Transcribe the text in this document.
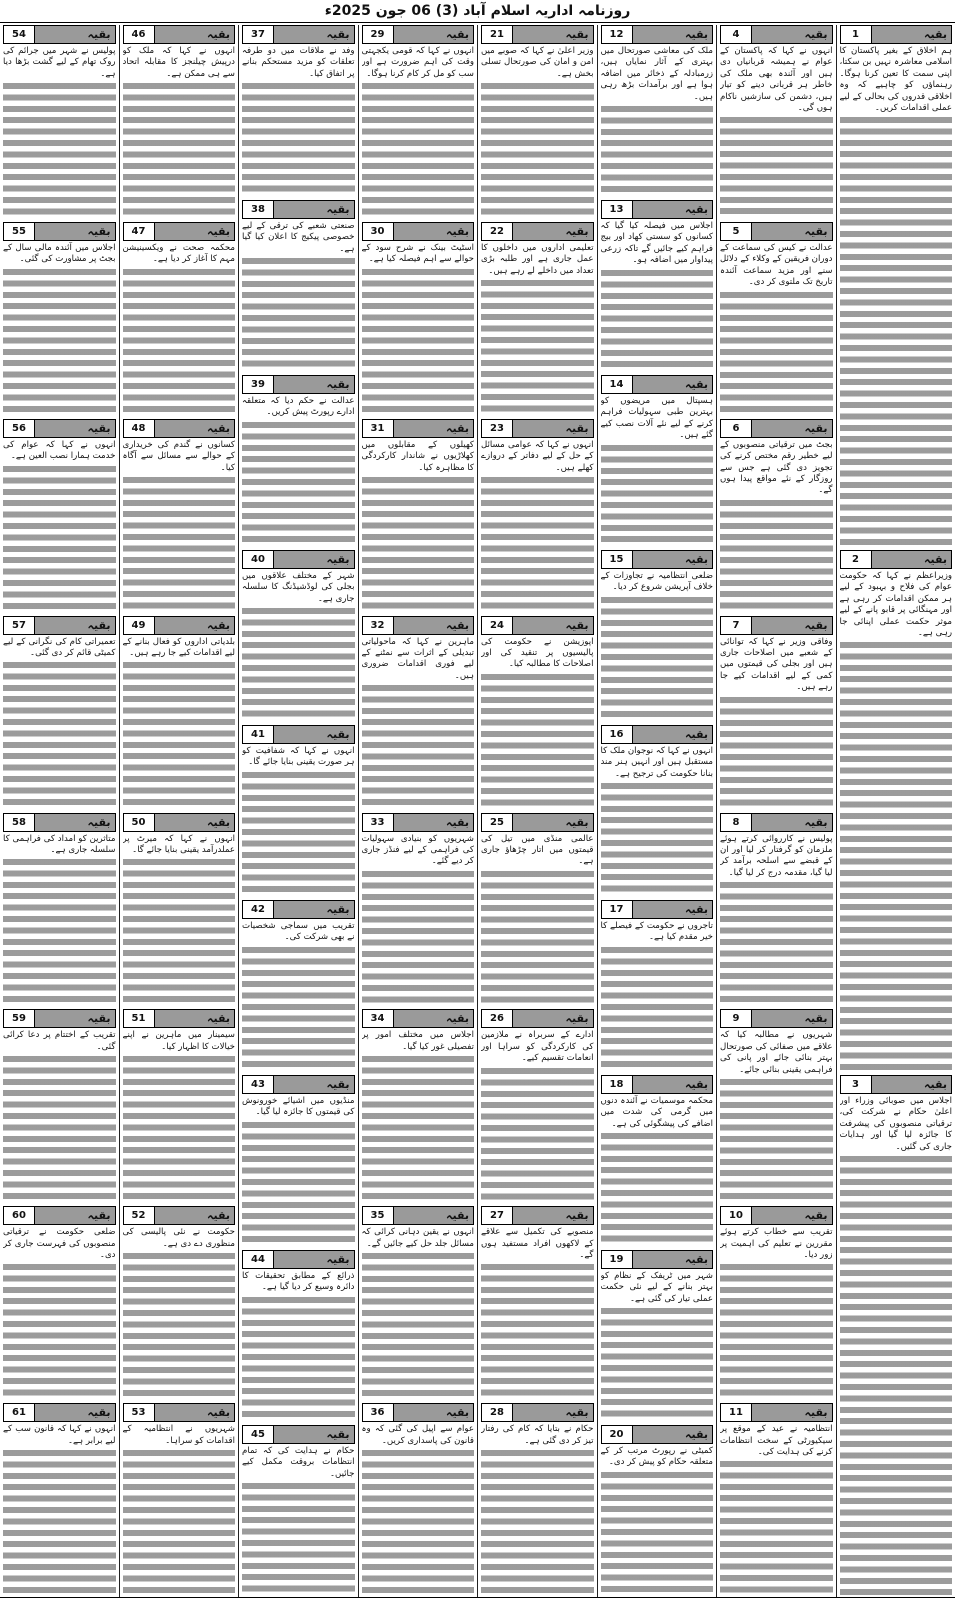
روزنامہ اداریہ اسلام آباد (3) 06 جون 2025ء
1	بقیہ
ہم اخلاق کے بغیر پاکستان کا اسلامی معاشرہ نہیں بن سکتا، اپنی سمت کا تعین کرنا ہوگا۔ رہنماؤں کو چاہیے کہ وہ اخلاقی قدروں کی بحالی کے لیے عملی اقدامات کریں۔
2	بقیہ
وزیراعظم نے کہا کہ حکومت عوام کی فلاح و بہبود کے لیے ہر ممکن اقدامات کر رہی ہے اور مہنگائی پر قابو پانے کے لیے موثر حکمت عملی اپنائی جا رہی ہے۔
3	بقیہ
اجلاس میں صوبائی وزراء اور اعلیٰ حکام نے شرکت کی، ترقیاتی منصوبوں کی پیشرفت کا جائزہ لیا گیا اور ہدایات جاری کی گئیں۔
4	بقیہ
انہوں نے کہا کہ پاکستان کے عوام نے ہمیشہ قربانیاں دی ہیں اور آئندہ بھی ملک کی خاطر ہر قربانی دینے کو تیار ہیں، دشمن کی سازشیں ناکام ہوں گی۔
5	بقیہ
عدالت نے کیس کی سماعت کے دوران فریقین کے وکلاء کے دلائل سنے اور مزید سماعت آئندہ تاریخ تک ملتوی کر دی۔
6	بقیہ
بجٹ میں ترقیاتی منصوبوں کے لیے خطیر رقم مختص کرنے کی تجویز دی گئی ہے جس سے روزگار کے نئے مواقع پیدا ہوں گے۔
7	بقیہ
وفاقی وزیر نے کہا کہ توانائی کے شعبے میں اصلاحات جاری ہیں اور بجلی کی قیمتوں میں کمی کے لیے اقدامات کیے جا رہے ہیں۔
8	بقیہ
پولیس نے کارروائی کرتے ہوئے ملزمان کو گرفتار کر لیا اور ان کے قبضے سے اسلحہ برآمد کر لیا گیا، مقدمہ درج کر لیا گیا۔
9	بقیہ
شہریوں نے مطالبہ کیا کہ علاقے میں صفائی کی صورتحال بہتر بنائی جائے اور پانی کی فراہمی یقینی بنائی جائے۔
10	بقیہ
تقریب سے خطاب کرتے ہوئے مقررین نے تعلیم کی اہمیت پر زور دیا۔
11	بقیہ
انتظامیہ نے عید کے موقع پر سیکیورٹی کے سخت انتظامات کرنے کی ہدایت کی۔
12	بقیہ
ملک کی معاشی صورتحال میں بہتری کے آثار نمایاں ہیں، زرمبادلہ کے ذخائر میں اضافہ ہوا ہے اور برآمدات بڑھ رہی ہیں۔
13	بقیہ
اجلاس میں فیصلہ کیا گیا کہ کسانوں کو سستی کھاد اور بیج فراہم کیے جائیں گے تاکہ زرعی پیداوار میں اضافہ ہو۔
14	بقیہ
ہسپتال میں مریضوں کو بہترین طبی سہولیات فراہم کرنے کے لیے نئے آلات نصب کیے گئے ہیں۔
15	بقیہ
ضلعی انتظامیہ نے تجاوزات کے خلاف آپریشن شروع کر دیا۔
16	بقیہ
انہوں نے کہا کہ نوجوان ملک کا مستقبل ہیں اور انہیں ہنر مند بنانا حکومت کی ترجیح ہے۔
17	بقیہ
تاجروں نے حکومت کے فیصلے کا خیر مقدم کیا ہے۔
18	بقیہ
محکمہ موسمیات نے آئندہ دنوں میں گرمی کی شدت میں اضافے کی پیشگوئی کی ہے۔
19	بقیہ
شہر میں ٹریفک کے نظام کو بہتر بنانے کے لیے نئی حکمت عملی تیار کی گئی ہے۔
20	بقیہ
کمیٹی نے رپورٹ مرتب کر کے متعلقہ حکام کو پیش کر دی۔
21	بقیہ
وزیر اعلیٰ نے کہا کہ صوبے میں امن و امان کی صورتحال تسلی بخش ہے۔
22	بقیہ
تعلیمی اداروں میں داخلوں کا عمل جاری ہے اور طلبہ بڑی تعداد میں داخلے لے رہے ہیں۔
23	بقیہ
انہوں نے کہا کہ عوامی مسائل کے حل کے لیے دفاتر کے دروازے کھلے ہیں۔
24	بقیہ
اپوزیشن نے حکومت کی پالیسیوں پر تنقید کی اور اصلاحات کا مطالبہ کیا۔
25	بقیہ
عالمی منڈی میں تیل کی قیمتوں میں اتار چڑھاؤ جاری ہے۔
26	بقیہ
ادارے کے سربراہ نے ملازمین کی کارکردگی کو سراہا اور انعامات تقسیم کیے۔
27	بقیہ
منصوبے کی تکمیل سے علاقے کے لاکھوں افراد مستفید ہوں گے۔
28	بقیہ
حکام نے بتایا کہ کام کی رفتار تیز کر دی گئی ہے۔
29	بقیہ
انہوں نے کہا کہ قومی یکجہتی وقت کی اہم ضرورت ہے اور سب کو مل کر کام کرنا ہوگا۔
30	بقیہ
اسٹیٹ بینک نے شرح سود کے حوالے سے اہم فیصلہ کیا ہے۔
31	بقیہ
کھیلوں کے مقابلوں میں کھلاڑیوں نے شاندار کارکردگی کا مظاہرہ کیا۔
32	بقیہ
ماہرین نے کہا کہ ماحولیاتی تبدیلی کے اثرات سے نمٹنے کے لیے فوری اقدامات ضروری ہیں۔
33	بقیہ
شہریوں کو بنیادی سہولیات کی فراہمی کے لیے فنڈز جاری کر دیے گئے۔
34	بقیہ
اجلاس میں مختلف امور پر تفصیلی غور کیا گیا۔
35	بقیہ
انہوں نے یقین دہانی کرائی کہ مسائل جلد حل کیے جائیں گے۔
36	بقیہ
عوام سے اپیل کی گئی کہ وہ قانون کی پاسداری کریں۔
37	بقیہ
وفد نے ملاقات میں دو طرفہ تعلقات کو مزید مستحکم بنانے پر اتفاق کیا۔
38	بقیہ
صنعتی شعبے کی ترقی کے لیے خصوصی پیکیج کا اعلان کیا گیا ہے۔
39	بقیہ
عدالت نے حکم دیا کہ متعلقہ ادارے رپورٹ پیش کریں۔
40	بقیہ
شہر کے مختلف علاقوں میں بجلی کی لوڈشیڈنگ کا سلسلہ جاری ہے۔
41	بقیہ
انہوں نے کہا کہ شفافیت کو ہر صورت یقینی بنایا جائے گا۔
42	بقیہ
تقریب میں سماجی شخصیات نے بھی شرکت کی۔
43	بقیہ
منڈیوں میں اشیائے خورونوش کی قیمتوں کا جائزہ لیا گیا۔
44	بقیہ
ذرائع کے مطابق تحقیقات کا دائرہ وسیع کر دیا گیا ہے۔
45	بقیہ
حکام نے ہدایت کی کہ تمام انتظامات بروقت مکمل کیے جائیں۔
46	بقیہ
انہوں نے کہا کہ ملک کو درپیش چیلنجز کا مقابلہ اتحاد سے ہی ممکن ہے۔
47	بقیہ
محکمہ صحت نے ویکسینیشن مہم کا آغاز کر دیا ہے۔
48	بقیہ
کسانوں نے گندم کی خریداری کے حوالے سے مسائل سے آگاہ کیا۔
49	بقیہ
بلدیاتی اداروں کو فعال بنانے کے لیے اقدامات کیے جا رہے ہیں۔
50	بقیہ
انہوں نے کہا کہ میرٹ پر عملدرآمد یقینی بنایا جائے گا۔
51	بقیہ
سیمینار میں ماہرین نے اپنے خیالات کا اظہار کیا۔
52	بقیہ
حکومت نے نئی پالیسی کی منظوری دے دی ہے۔
53	بقیہ
شہریوں نے انتظامیہ کے اقدامات کو سراہا۔
54	بقیہ
پولیس نے شہر میں جرائم کی روک تھام کے لیے گشت بڑھا دیا ہے۔
55	بقیہ
اجلاس میں آئندہ مالی سال کے بجٹ پر مشاورت کی گئی۔
56	بقیہ
انہوں نے کہا کہ عوام کی خدمت ہمارا نصب العین ہے۔
57	بقیہ
تعمیراتی کام کی نگرانی کے لیے کمیٹی قائم کر دی گئی۔
58	بقیہ
متاثرین کو امداد کی فراہمی کا سلسلہ جاری ہے۔
59	بقیہ
تقریب کے اختتام پر دعا کرائی گئی۔
60	بقیہ
ضلعی حکومت نے ترقیاتی منصوبوں کی فہرست جاری کر دی۔
61	بقیہ
انہوں نے کہا کہ قانون سب کے لیے برابر ہے۔
